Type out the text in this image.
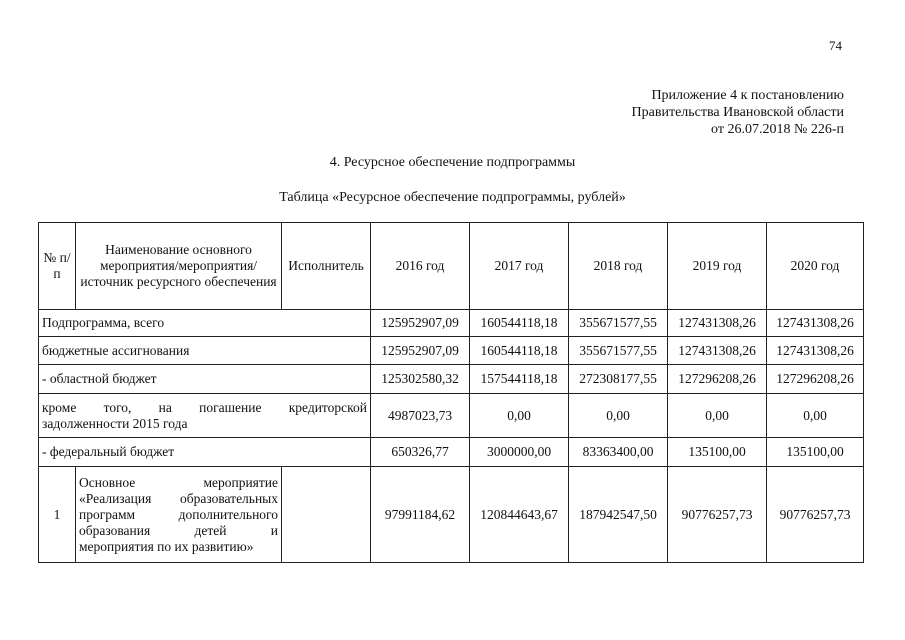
74
Приложение 4 к постановлению
Правительства Ивановской области
от 26.07.2018 № 226-п
4. Ресурсное обеспечение подпрограммы
Таблица «Ресурсное обеспечение подпрограммы, рублей»
№ п/п	Наименование основного мероприятия/мероприятия/ источник ресурсного обеспечения	Исполнитель	2016 год	2017 год	2018 год	2019 год	2020 год
Подпрограмма, всего			125952907,09	160544118,18	355671577,55	127431308,26	127431308,26
бюджетные ассигнования			125952907,09	160544118,18	355671577,55	127431308,26	127431308,26
- областной бюджет			125302580,32	157544118,18	272308177,55	127296208,26	127296208,26

кроме того, на погашение кредиторской
задолженности 2015 года			4987023,73	0,00	0,00	0,00	0,00
- федеральный бюджет			650326,77	3000000,00	83363400,00	135100,00	135100,00
1	Основное мероприятие
«Реализация образовательных
программ дополнительного
образования детей и
мероприятия по их развитию»		97991184,62	120844643,67	187942547,50	90776257,73	90776257,73
